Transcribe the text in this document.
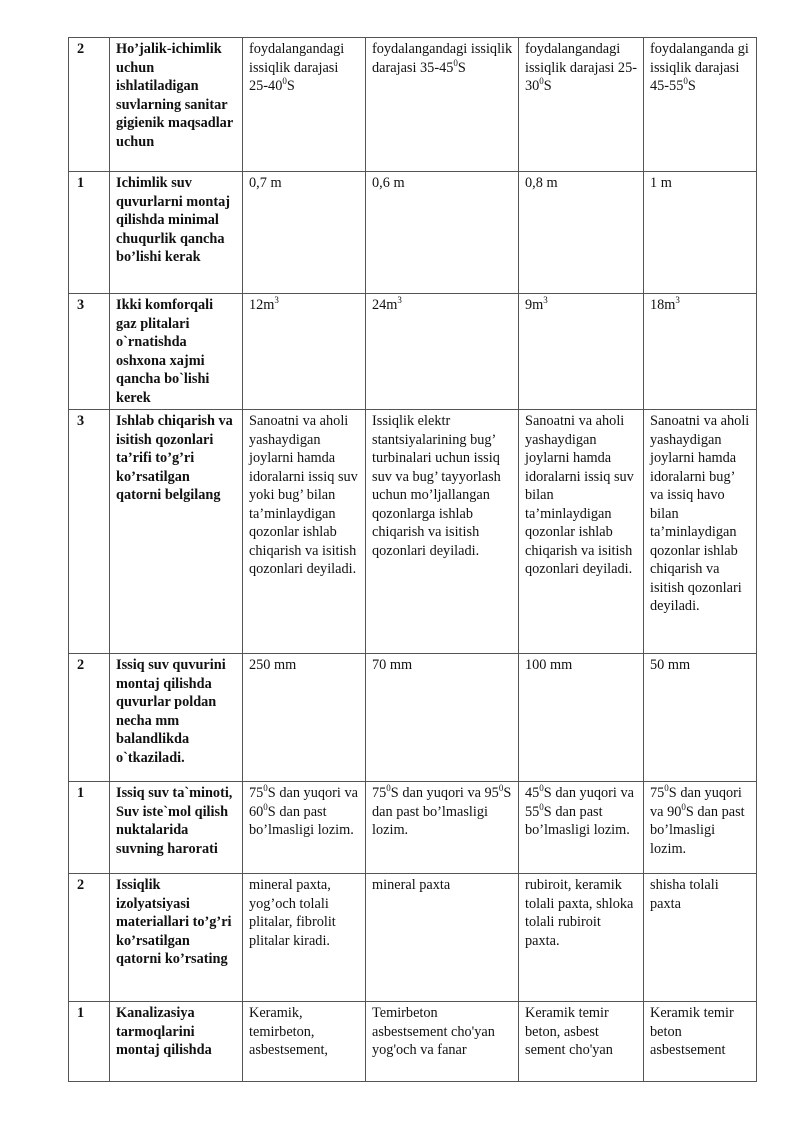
2	Ho’jalik-ichimlik uchun ishlatiladigan suvlarning sanitar gigienik maqsadlar uchun	foydalangandagi issiqlik darajasi $25-40^0S$	foydalangandagi issiqlik darajasi $35-45^0S$	foydalangandagi issiqlik darajasi $25-30^0S$	foydalanganda gi issiqlik darajasi $45-55^0S$
1	Ichimlik suv quvurlarni montaj qilishda minimal chuqurlik qancha bo’lishi kerak	0,7 m	0,6 m	0,8 m	1 m
3	Ikki komforqali gaz plitalari o`rnatishda oshxona xajmi qancha bo`lishi kerek	$12m^3$	$24m^3$	$9m^3$	$18m^3$
3	Ishlab chiqarish va isitish qozonlari ta’rifi to’g’ri ko’rsatilgan qatorni belgilang	Sanoatni va aholi yashaydigan joylarni hamda idoralarni issiq suv yoki bug’ bilan ta’minlaydigan qozonlar ishlab chiqarish va isitish qozonlari deyiladi.	Issiqlik elektr stantsiyalarining bug’ turbinalari uchun issiq suv va bug’ tayyorlash uchun mo’ljallangan qozonlarga ishlab chiqarish va isitish qozonlari deyiladi.	Sanoatni va aholi yashaydigan joylarni hamda idoralarni issiq suv bilan ta’minlaydigan qozonlar ishlab chiqarish va isitish qozonlari deyiladi.	Sanoatni va aholi yashaydigan joylarni hamda idoralarni bug’ va issiq havo bilan ta’minlaydigan qozonlar ishlab chiqarish va isitish qozonlari deyiladi.
2	Issiq suv quvurini montaj qilishda quvurlar poldan necha mm balandlikda o`tkaziladi.	250 mm	70 mm	100 mm	50 mm
1	Issiq suv ta`minoti, Suv iste`mol qilish nuktalarida suvning harorati	$75^0S$ dan yuqori va $60^0S$ dan past bo’lmasligi lozim.	$75^0S$ dan yuqori va $95^0S$ dan past bo’lmasligi lozim.	$45^0S$ dan yuqori va $55^0S$ dan past bo’lmasligi lozim.	$75^0S$ dan yuqori va $90^0S$ dan past bo’lmasligi lozim.
2	Issiqlik izolyatsiyasi materiallari to’g’ri ko’rsatilgan qatorni ko’rsating	mineral paxta, yog’och tolali plitalar, fibrolit plitalar kiradi.	mineral paxta	rubiroit, keramik tolali paxta, shloka tolali rubiroit paxta.	shisha tolali paxta
1	Kanalizasiya tarmoqlarini montaj qilishda	Keramik, temirbeton, asbestsement,	Temirbeton asbestsement cho'yan yog'och va fanar	Keramik temir beton, asbest sement cho'yan	Keramik temir beton asbestsement
